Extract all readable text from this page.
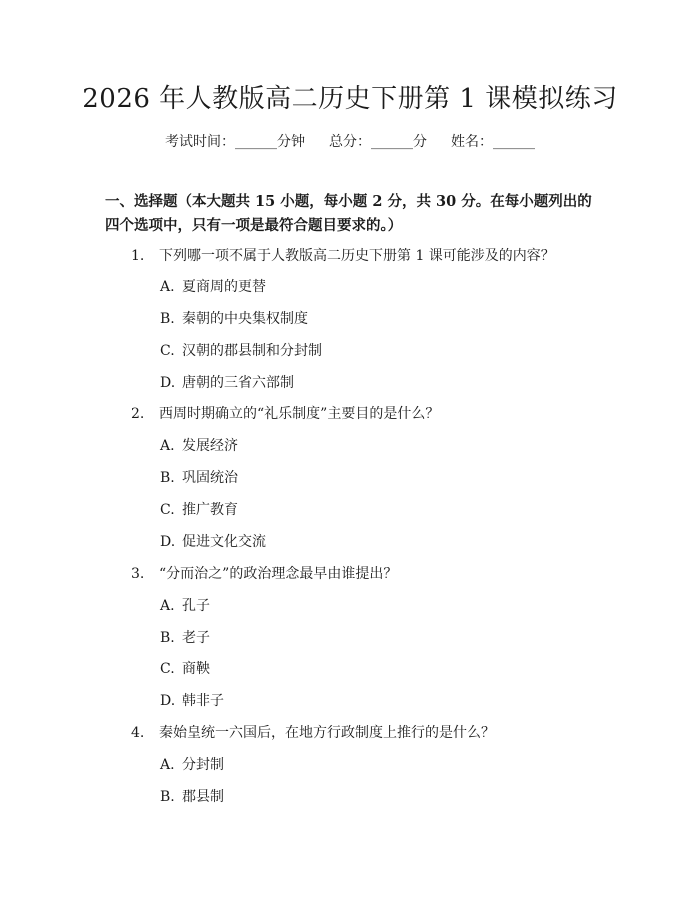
2026 年人教版高二历史下册第 1 课模拟练习
考试时间：______分钟 总分：______分 姓名：______
一、选择题（本大题共 15 小题，每小题 2 分，共 30 分。在每小题列出的四个选项中，只有一项是最符合题目要求的。）
1. 下列哪一项不属于人教版高二历史下册第 1 课可能涉及的内容？
A. 夏商周的更替
B. 秦朝的中央集权制度
C. 汉朝的郡县制和分封制
D. 唐朝的三省六部制
2. 西周时期确立的“礼乐制度”主要目的是什么？
A. 发展经济
B. 巩固统治
C. 推广教育
D. 促进文化交流
3. “分而治之”的政治理念最早由谁提出？
A. 孔子
B. 老子
C. 商鞅
D. 韩非子
4. 秦始皇统一六国后，在地方行政制度上推行的是什么？
A. 分封制
B. 郡县制
